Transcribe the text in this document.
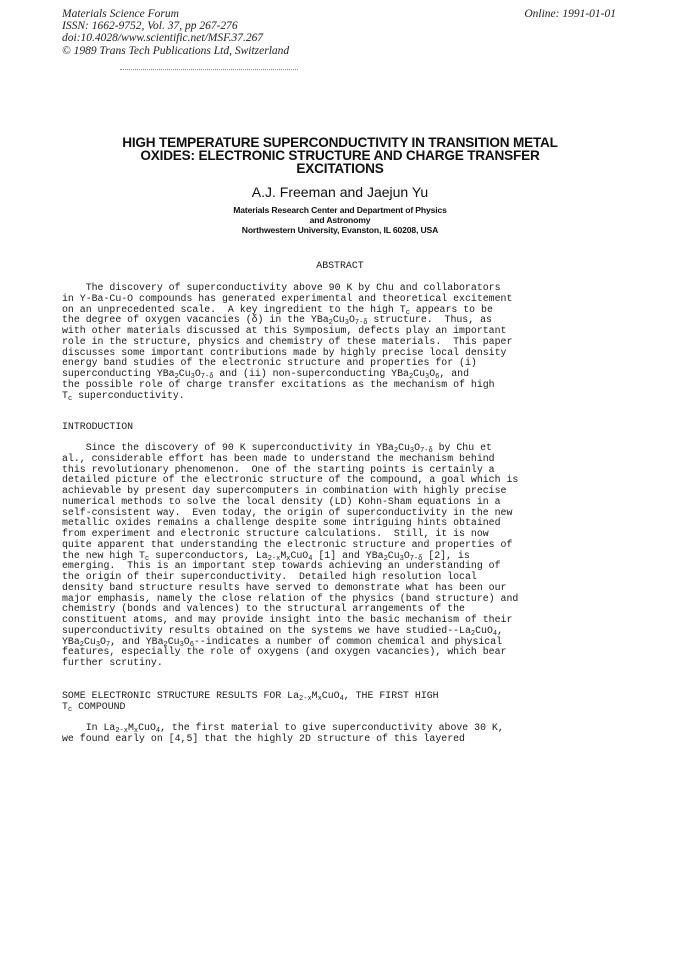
Materials Science Forum
ISSN: 1662-9752, Vol. 37, pp 267-276
doi:10.4028/www.scientific.net/MSF.37.267
© 1989 Trans Tech Publications Ltd, Switzerland
Online: 1991-01-01
HIGH TEMPERATURE SUPERCONDUCTIVITY IN TRANSITION METAL
OXIDES: ELECTRONIC STRUCTURE AND CHARGE TRANSFER
EXCITATIONS
A.J. Freeman and Jaejun Yu
Materials Research Center and Department of Physics
and Astronomy
Northwestern University, Evanston, IL 60208, USA
ABSTRACT
The discovery of superconductivity above 90 K by Chu and collaborators
in Y-Ba-Cu-O compounds has generated experimental and theoretical excitement
on an unprecedented scale.  A key ingredient to the high $T_c$ appears to be
the degree of oxygen vacancies (δ) in the $YBa_2Cu_3O_{7-\delta}$ structure.  Thus, as
with other materials discussed at this Symposium, defects play an important
role in the structure, physics and chemistry of these materials.  This paper
discusses some important contributions made by highly precise local density
energy band studies of the electronic structure and properties for (i)
superconducting $YBa_2Cu_3O_{7-\delta}$ and (ii) non-superconducting $YBa_2Cu_3O_6$, and
the possible role of charge transfer excitations as the mechanism of high
$T_c$ superconductivity.
INTRODUCTION
Since the discovery of 90 K superconductivity in $YBa_2Cu_3O_{7-\delta}$ by Chu et
al., considerable effort has been made to understand the mechanism behind
this revolutionary phenomenon.  One of the starting points is certainly a
detailed picture of the electronic structure of the compound, a goal which is
achievable by present day supercomputers in combination with highly precise
numerical methods to solve the local density (LD) Kohn-Sham equations in a
self-consistent way.  Even today, the origin of superconductivity in the new
metallic oxides remains a challenge despite some intriguing hints obtained
from experiment and electronic structure calculations.  Still, it is now
quite apparent that understanding the electronic structure and properties of
the new high $T_c$ superconductors, $La_{2-x}M_xCuO_4$ [1] and $YBa_2Cu_3O_{7-\delta}$ [2], is
emerging.  This is an important step towards achieving an understanding of
the origin of their superconductivity.  Detailed high resolution local
density band structure results have served to demonstrate what has been our
major emphasis, namely the close relation of the physics (band structure) and
chemistry (bonds and valences) to the structural arrangements of the
constituent atoms, and may provide insight into the basic mechanism of their
superconductivity results obtained on the systems we have studied-$-La_2CuO_4$,
$YBa_2Cu_3O_7$, and $YBa_2Cu_3O_6-$-indicates a number of common chemical and physical
features, especially the role of oxygens (and oxygen vacancies), which bear
further scrutiny.
SOME ELECTRONIC STRUCTURE RESULTS FOR $La_{2-x}M_xCuO_4$, THE FIRST HIGH
$T_c$ COMPOUND
In $La_{2-x}M_xCuO_4$, the first material to give superconductivity above 30 K,
we found early on [4,5] that the highly 2D structure of this layered
